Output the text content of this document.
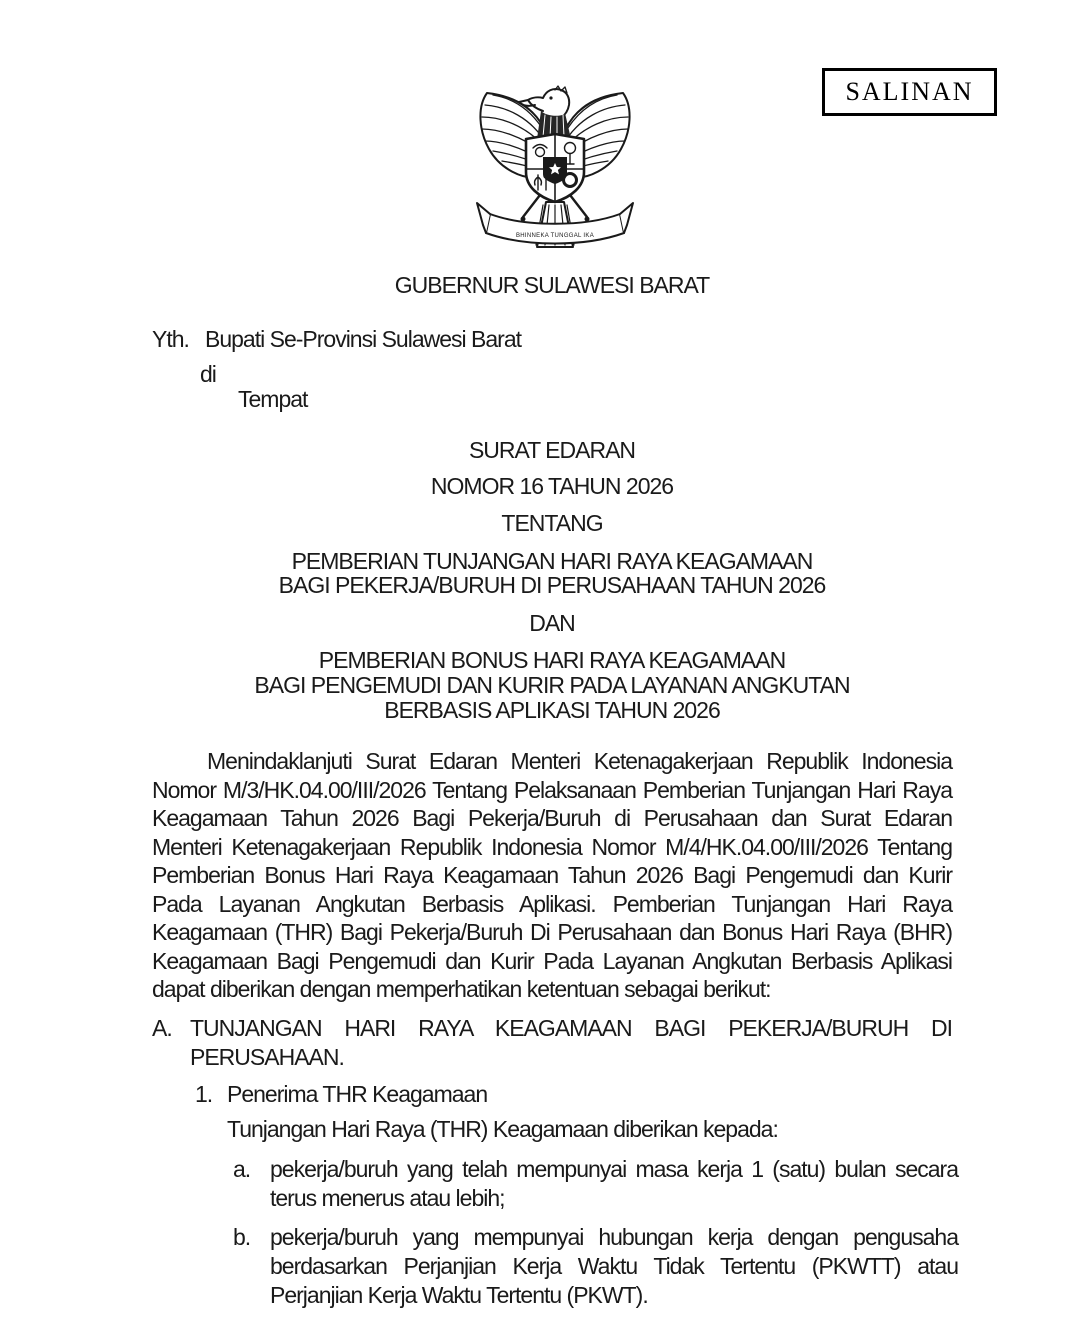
SALINAN
BHINNEKA TUNGGAL IKA
GUBERNUR SULAWESI BARAT
Yth. Bupati Se-Provinsi Sulawesi Barat
di
Tempat
SURAT EDARAN
NOMOR 16 TAHUN 2026
TENTANG
PEMBERIAN TUNJANGAN HARI RAYA KEAGAMAAN
BAGI PEKERJA/BURUH DI PERUSAHAAN TAHUN 2026
DAN
PEMBERIAN BONUS HARI RAYA KEAGAMAAN
BAGI PENGEMUDI DAN KURIR PADA LAYANAN ANGKUTAN
BERBASIS APLIKASI TAHUN 2026
Menindaklanjuti Surat Edaran Menteri Ketenagakerjaan Republik Indonesia Nomor M/3/HK.04.00/III/2026 Tentang Pelaksanaan Pemberian Tunjangan Hari Raya Keagamaan Tahun 2026 Bagi Pekerja/Buruh di Perusahaan dan Surat Edaran Menteri Ketenagakerjaan Republik Indonesia Nomor M/4/HK.04.00/III/2026 Tentang Pemberian Bonus Hari Raya Keagamaan Tahun 2026 Bagi Pengemudi dan Kurir Pada Layanan Angkutan Berbasis Aplikasi. Pemberian Tunjangan Hari Raya Keagamaan (THR) Bagi Pekerja/Buruh Di Perusahaan dan Bonus Hari Raya (BHR) Keagamaan Bagi Pengemudi dan Kurir Pada Layanan Angkutan Berbasis Aplikasi dapat diberikan dengan memperhatikan ketentuan sebagai berikut:
A. TUNJANGAN HARI RAYA KEAGAMAAN BAGI PEKERJA/BURUH DI PERUSAHAAN.
1. Penerima THR Keagamaan
Tunjangan Hari Raya (THR) Keagamaan diberikan kepada:
a. pekerja/buruh yang telah mempunyai masa kerja 1 (satu) bulan secara terus menerus atau lebih;
b. pekerja/buruh yang mempunyai hubungan kerja dengan pengusaha berdasarkan Perjanjian Kerja Waktu Tidak Tertentu (PKWTT) atau Perjanjian Kerja Waktu Tertentu (PKWT).
